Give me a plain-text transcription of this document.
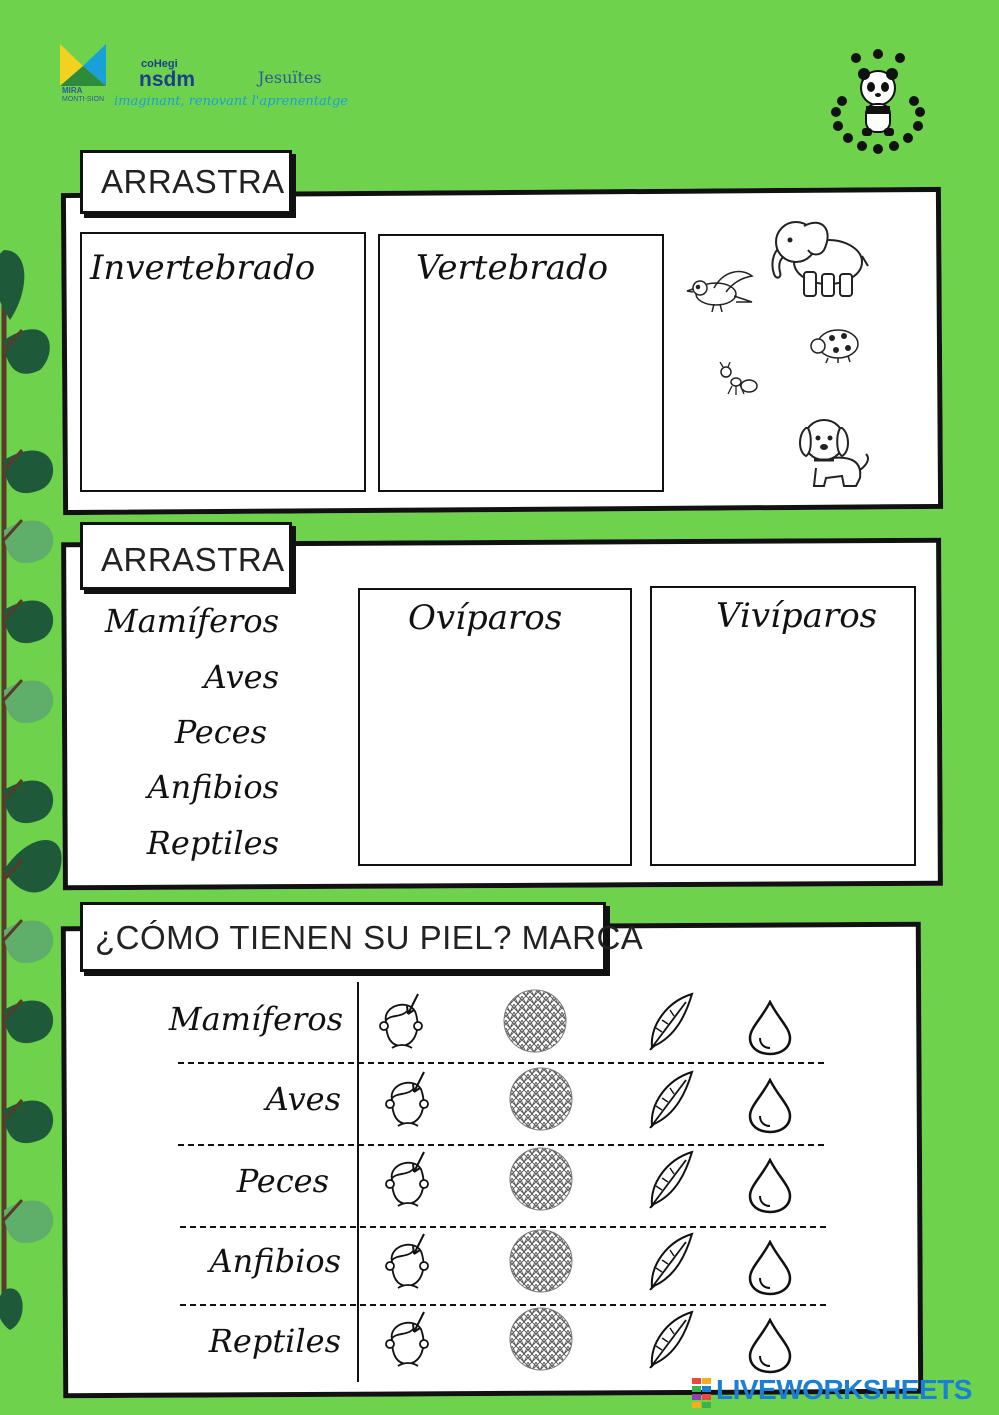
MIRA
MONTI-SION
coHegi
nsdm	Jesuïtes
imaginant, renovant l'aprenentatge
ARRASTRA
Invertebrado	Vertebrado
ARRASTRA
Mamíferos
Aves
Peces
Anfibios
Reptiles
Ovíparos	Vivíparos
¿CÓMO TIENEN SU PIEL? MARCA
Mamíferos
Aves
Peces
Anfibios
Reptiles
LIVEWORKSHEETS
